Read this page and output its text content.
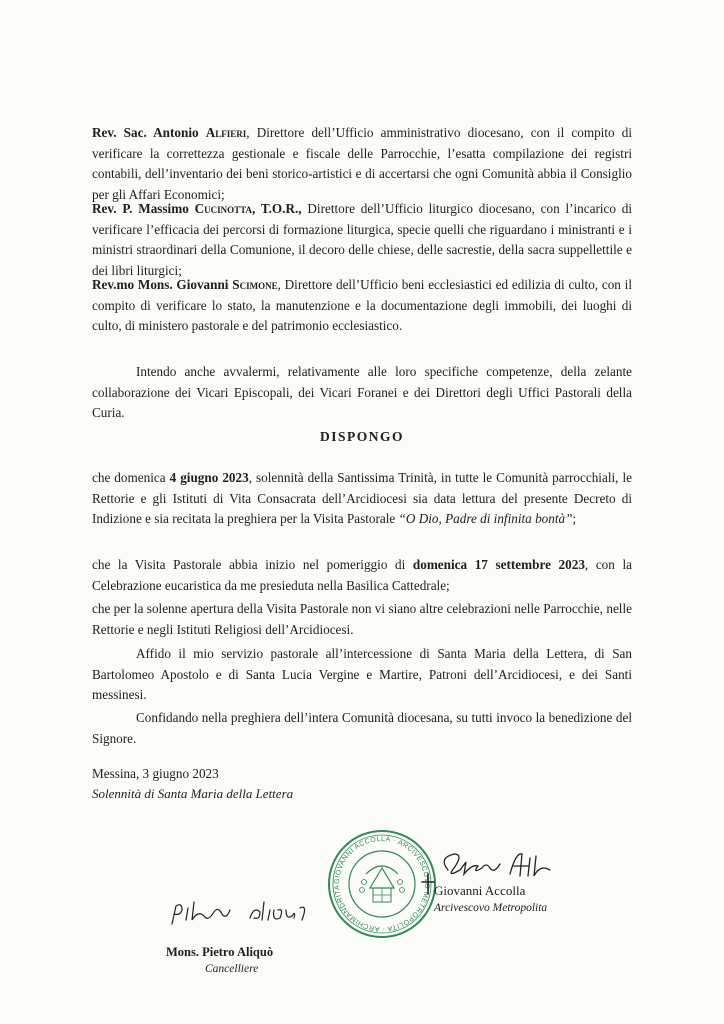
Rev. Sac. Antonio Alfieri, Direttore dell’Ufficio amministrativo diocesano, con il compito di verificare la correttezza gestionale e fiscale delle Parrocchie, l’esatta compilazione dei registri contabili, dell’inventario dei beni storico-artistici e di accertarsi che ogni Comunità abbia il Consiglio per gli Affari Economici;

Rev. P. Massimo Cucinotta, T.O.R., Direttore dell’Ufficio liturgico diocesano, con l’incarico di verificare l’efficacia dei percorsi di formazione liturgica, specie quelli che riguardano i ministranti e i ministri straordinari della Comunione, il decoro delle chiese, delle sacrestie, della sacra suppellettile e dei libri liturgici;

Rev.mo Mons. Giovanni Scimone, Direttore dell’Ufficio beni ecclesiastici ed edilizia di culto, con il compito di verificare lo stato, la manutenzione e la documentazione degli immobili, dei luoghi di culto, di ministero pastorale e del patrimonio ecclesiastico.

Intendo anche avvalermi, relativamente alle loro specifiche competenze, della zelante collaborazione dei Vicari Episcopali, dei Vicari Foranei e dei Direttori degli Uffici Pastorali della Curia.

DISPONGO

che domenica 4 giugno 2023, solennità della Santissima Trinità, in tutte le Comunità parrocchiali, le Rettorie e gli Istituti di Vita Consacrata dell’Arcidiocesi sia data lettura del presente Decreto di Indizione e sia recitata la preghiera per la Visita Pastorale “O Dio, Padre di infinita bontà”;

che la Visita Pastorale abbia inizio nel pomeriggio di domenica 17 settembre 2023, con la Celebrazione eucaristica da me presieduta nella Basilica Cattedrale;

che per la solenne apertura della Visita Pastorale non vi siano altre celebrazioni nelle Parrocchie, nelle Rettorie e negli Istituti Religiosi dell’Arcidiocesi.

Affido il mio servizio pastorale all’intercessione di Santa Maria della Lettera, di San Bartolomeo Apostolo e di Santa Lucia Vergine e Martire, Patroni dell’Arcidiocesi, e dei Santi messinesi.

Confidando nella preghiera dell’intera Comunità diocesana, su tutti invoco la benedizione del Signore.

Messina, 3 giugno 2023
Solennità di Santa Maria della Lettera
GIOVANNI ACCOLLA · ARCIVESCOVO METROPOLITA · ARCHIMANDRITA DEL SS. SALVATORE
Giovanni Accolla
Arcivescovo Metropolita
Mons. Pietro Aliquò
Cancelliere
